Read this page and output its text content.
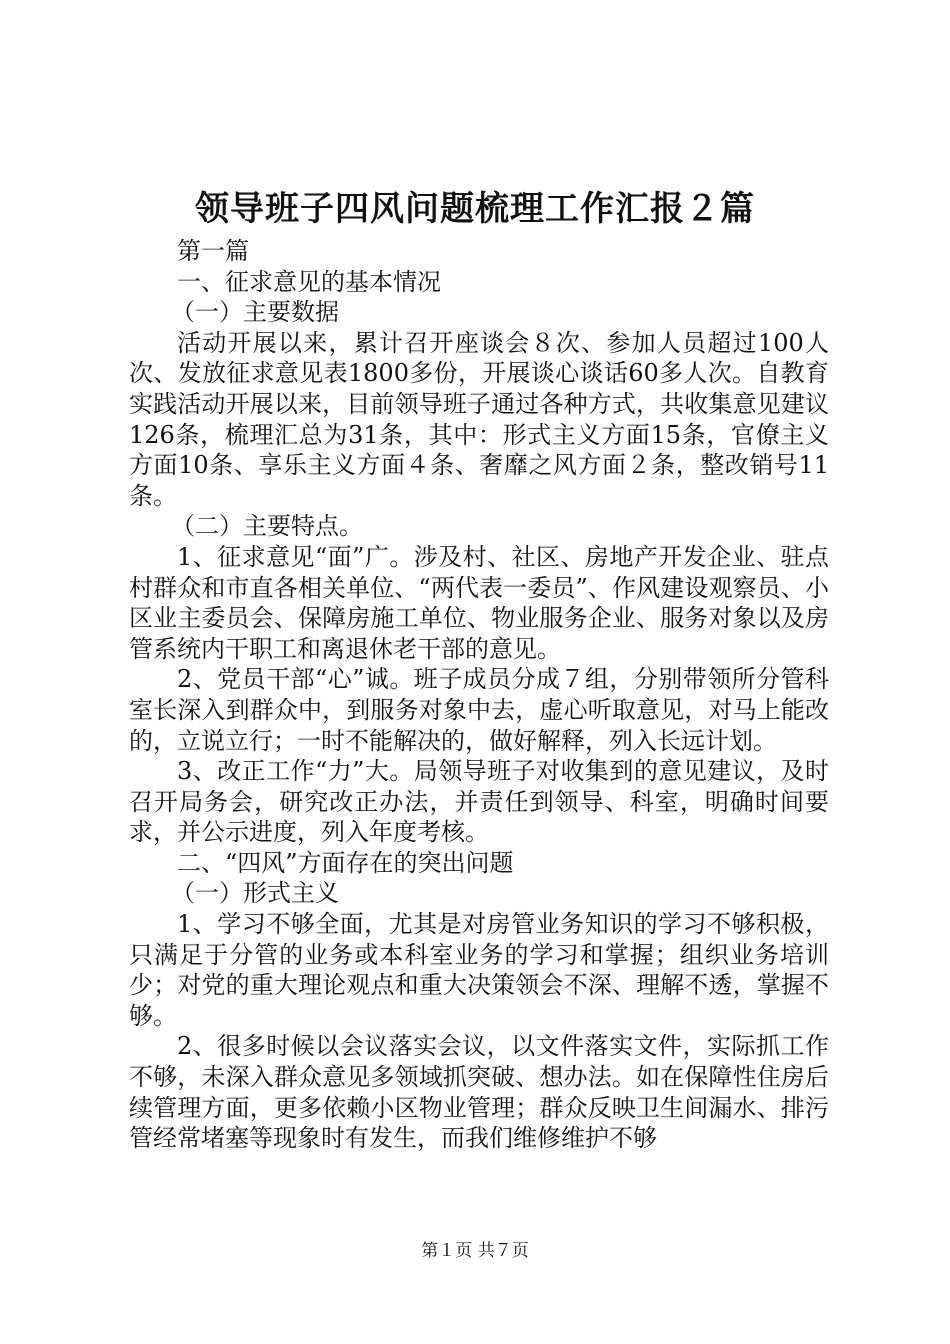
领导班子四风问题梳理工作汇报２篇

第一篇

一、征求意见的基本情况

（一）主要数据

活动开展以来，累计召开座谈会８次、参加人员超过100人次、发放征求意见表1800多份，开展谈心谈话60多人次。自教育实践活动开展以来，目前领导班子通过各种方式，共收集意见建议126条，梳理汇总为31条，其中：形式主义方面15条，官僚主义方面10条、享乐主义方面４条、奢靡之风方面２条，整改销号11条。

（二）主要特点。

1、征求意见“面”广。涉及村、社区、房地产开发企业、驻点村群众和市直各相关单位、“两代表一委员”、作风建设观察员、小区业主委员会、保障房施工单位、物业服务企业、服务对象以及房管系统内干职工和离退休老干部的意见。

2、党员干部“心”诚。班子成员分成７组，分别带领所分管科室长深入到群众中，到服务对象中去，虚心听取意见，对马上能改的，立说立行；一时不能解决的，做好解释，列入长远计划。

3、改正工作“力”大。局领导班子对收集到的意见建议，及时召开局务会，研究改正办法，并责任到领导、科室，明确时间要求，并公示进度，列入年度考核。

二、“四风”方面存在的突出问题

（一）形式主义

1、学习不够全面，尤其是对房管业务知识的学习不够积极，只满足于分管的业务或本科室业务的学习和掌握；组织业务培训少；对党的重大理论观点和重大决策领会不深、理解不透，掌握不够。

2、很多时候以会议落实会议，以文件落实文件，实际抓工作不够，未深入群众意见多领域抓突破、想办法。如在保障性住房后续管理方面，更多依赖小区物业管理；群众反映卫生间漏水、排污管经常堵塞等现象时有发生，而我们维修维护不够

第１页 共７页
